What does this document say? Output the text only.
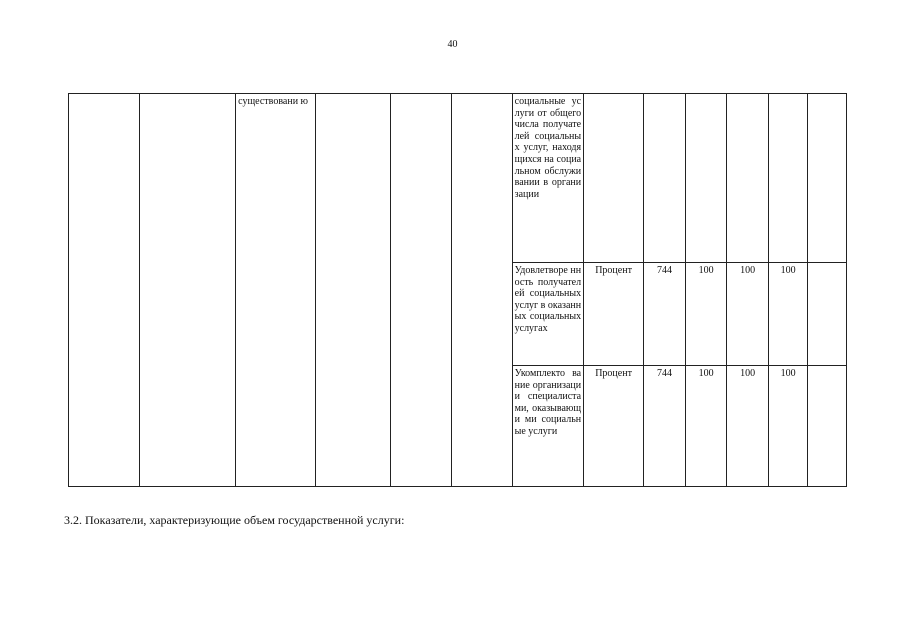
40
		существовани ю				социальные услуги от общего числа получателей социальных услуг, находящихся на социальном обслуживании в организации						
						Удовлетворе нность получателей социальных услуг в оказанных социальных услугах	Процент	744	100	100	100	
						Укомплекто вание организации специалиста ми, оказывающи ми социальные услуги	Процент	744	100	100	100	
3.2. Показатели, характеризующие объем государственной услуги:
